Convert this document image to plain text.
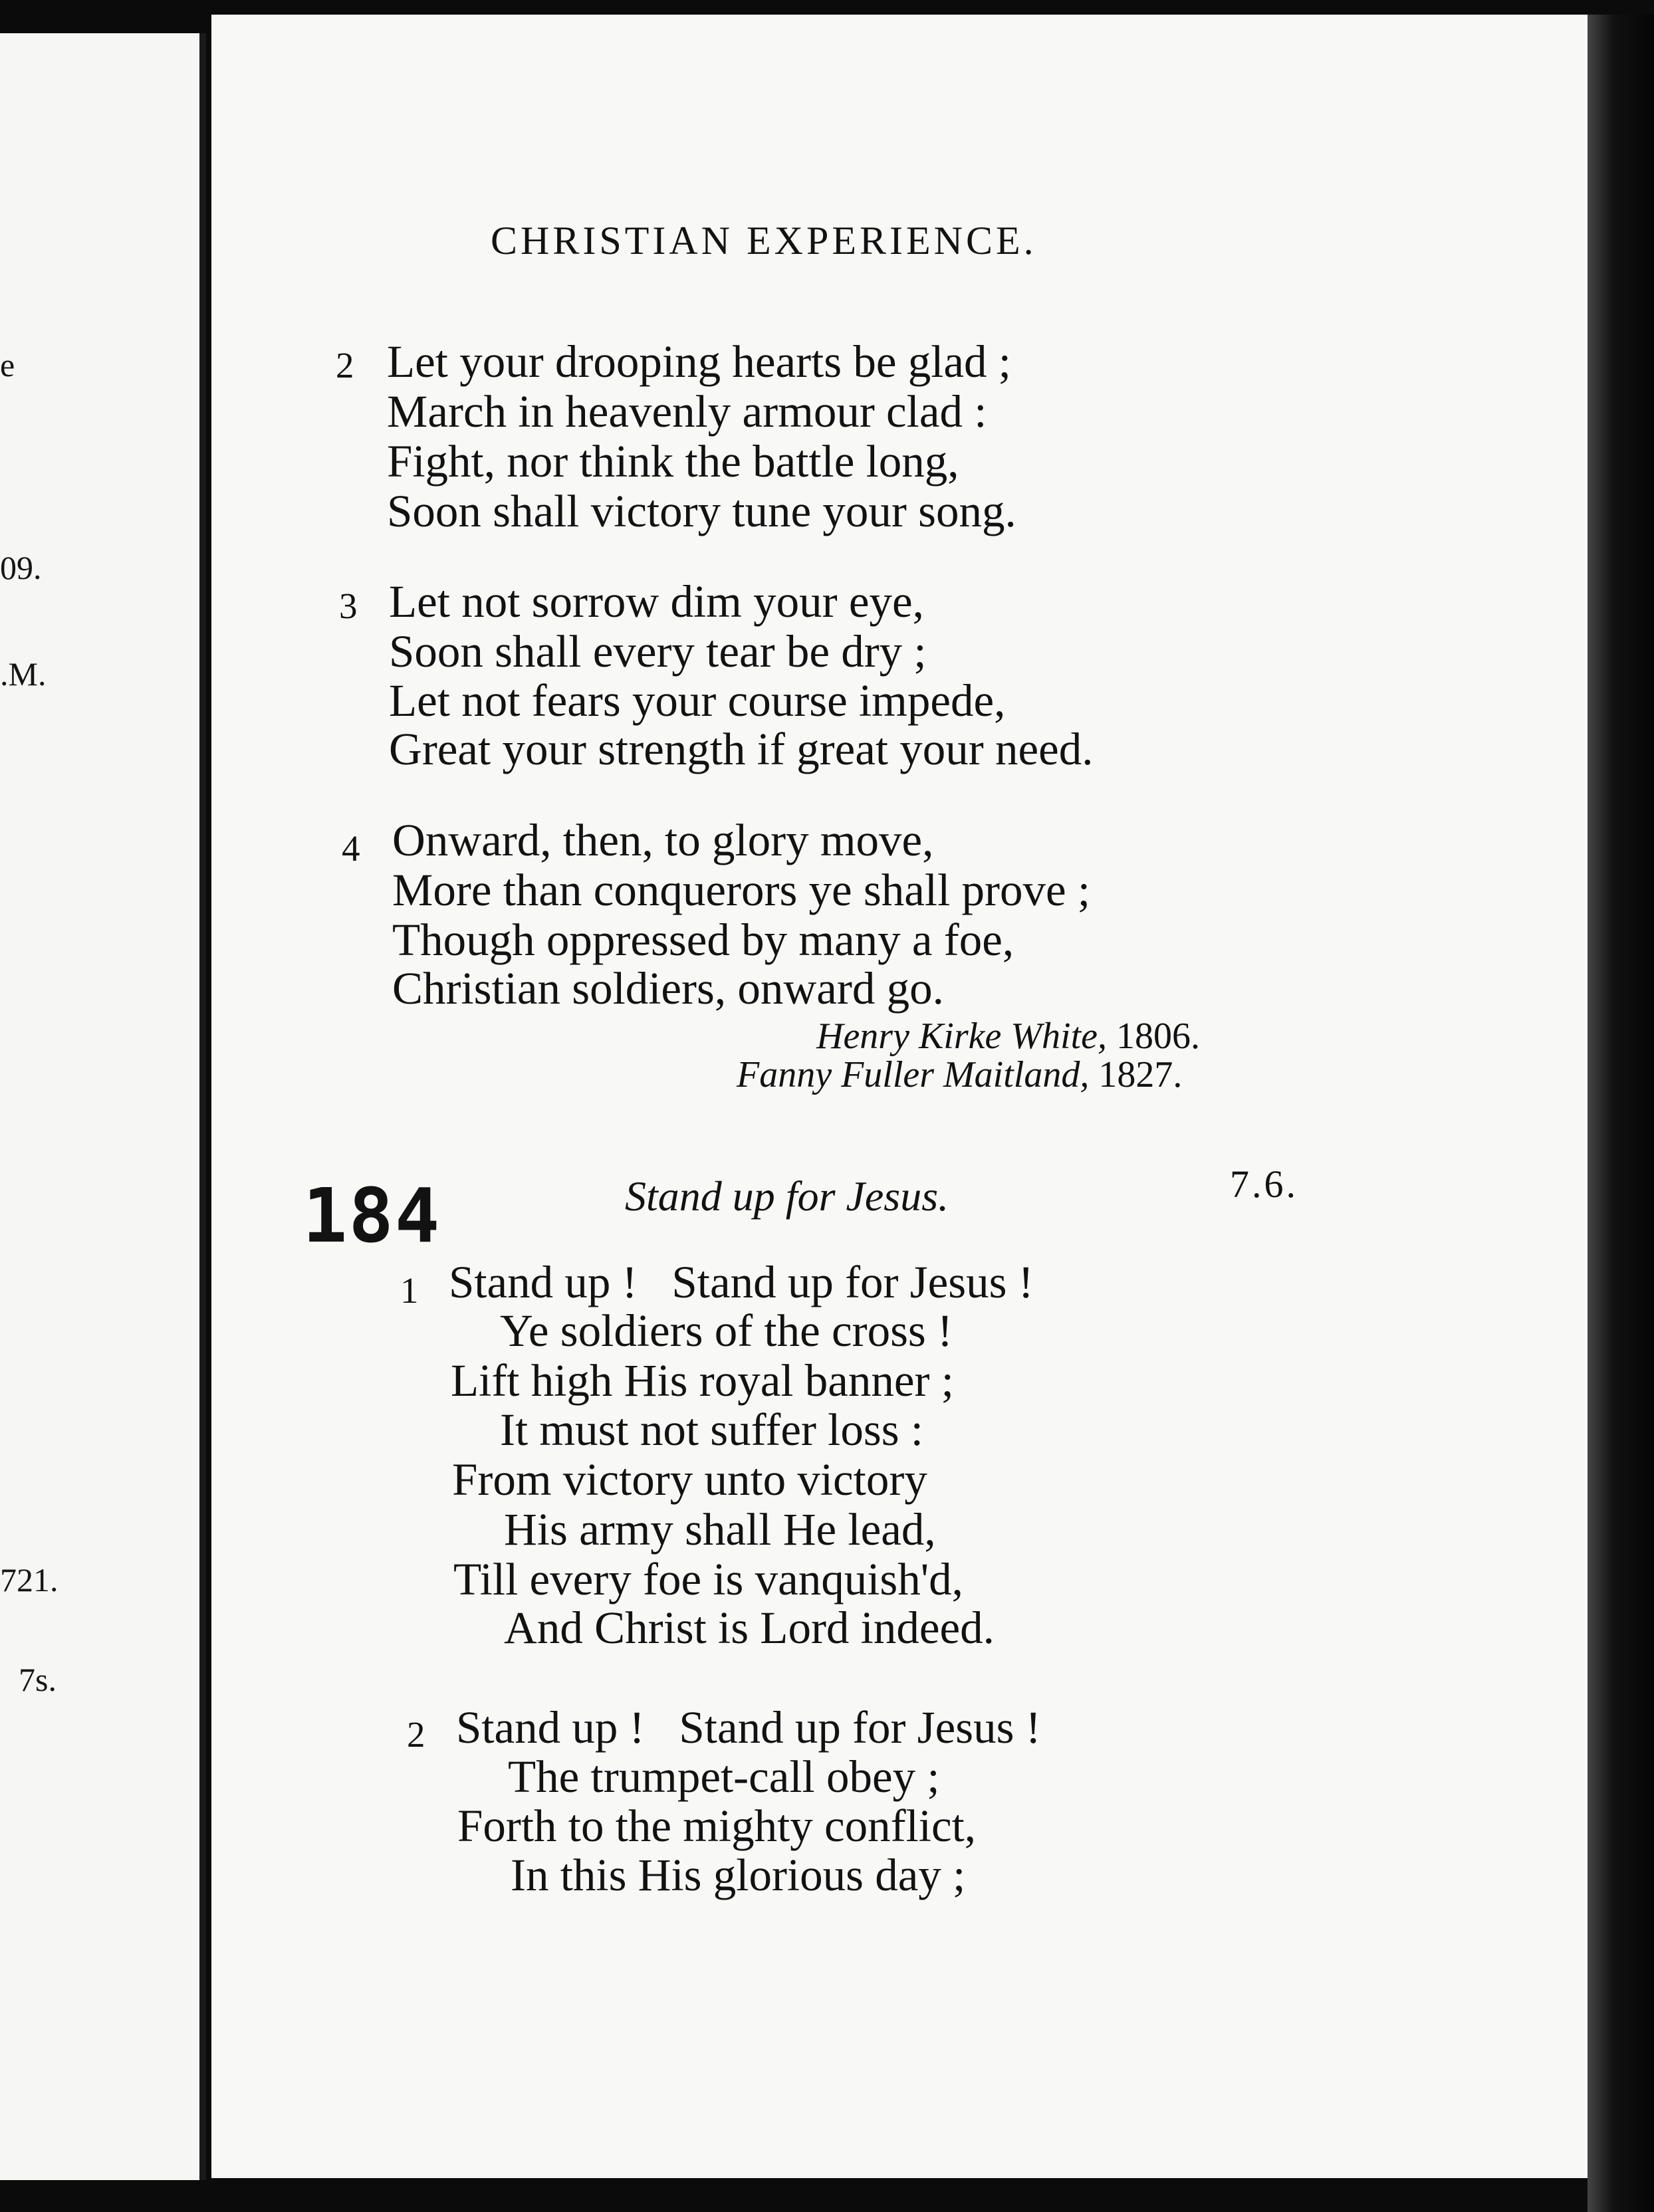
e
09.
.M.
721.
7s.
CHRISTIAN EXPERIENCE.
2 Let your drooping hearts be glad ;
March in heavenly armour clad :
Fight, nor think the battle long,
Soon shall victory tune your song.
3 Let not sorrow dim your eye,
Soon shall every tear be dry ;
Let not fears your course impede,
Great your strength if great your need.
4 Onward, then, to glory move,
More than conquerors ye shall prove ;
Though oppressed by many a foe,
Christian soldiers, onward go.
Henry Kirke White, 1806.
Fanny Fuller Maitland, 1827.
184	Stand up for Jesus.	7.6.
1 Stand up !   Stand up for Jesus !
Ye soldiers of the cross !
Lift high His royal banner ;
It must not suffer loss :
From victory unto victory
His army shall He lead,
Till every foe is vanquish'd,
And Christ is Lord indeed.
2 Stand up !   Stand up for Jesus !
The trumpet-call obey ;
Forth to the mighty conflict,
In this His glorious day ;
